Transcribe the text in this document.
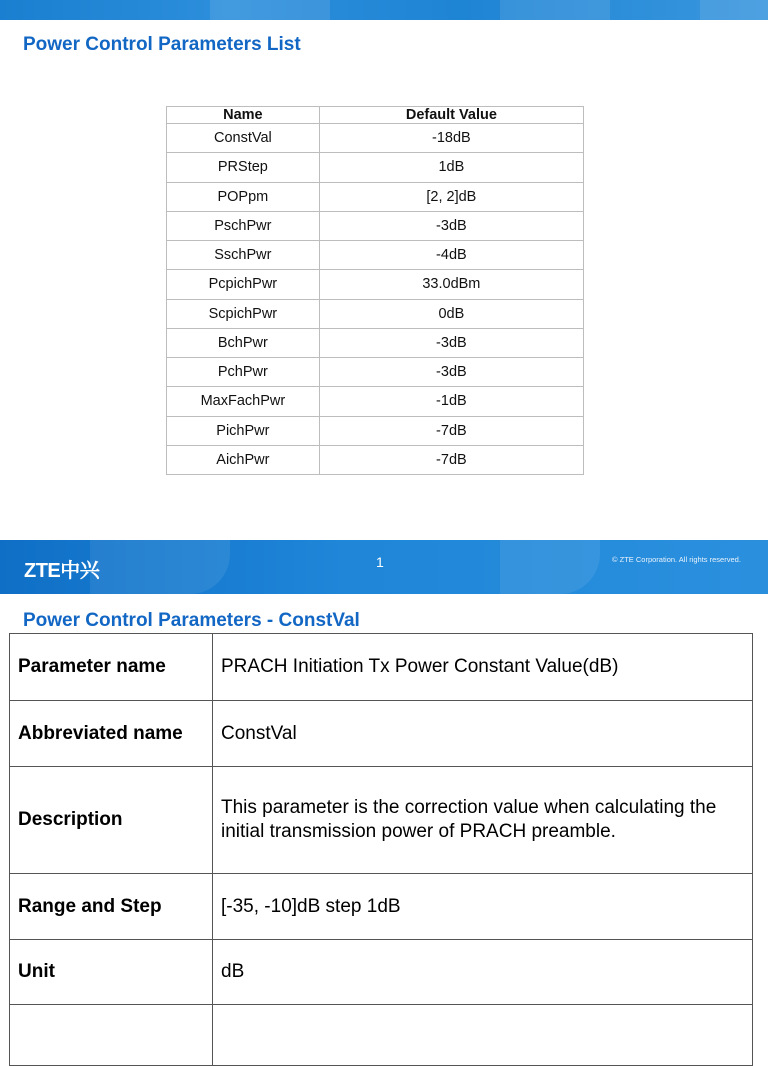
Power Control Parameters List
Name	Default Value
ConstVal	-18dB
PRStep	1dB
POPpm	[2, 2]dB
PschPwr	-3dB
SschPwr	-4dB
PcpichPwr	33.0dBm
ScpichPwr	0dB
BchPwr	-3dB
PchPwr	-3dB
MaxFachPwr	-1dB
PichPwr	-7dB
AichPwr	-7dB
ZTE中兴	1	© ZTE Corporation. All rights reserved.
Power Control Parameters - ConstVal
Parameter name	PRACH Initiation Tx Power Constant Value(dB)
Abbreviated name	ConstVal
Description	This parameter is the correction value when calculating the initial transmission power of PRACH preamble.
Range and Step	[-35, -10]dB step 1dB
Unit	dB
